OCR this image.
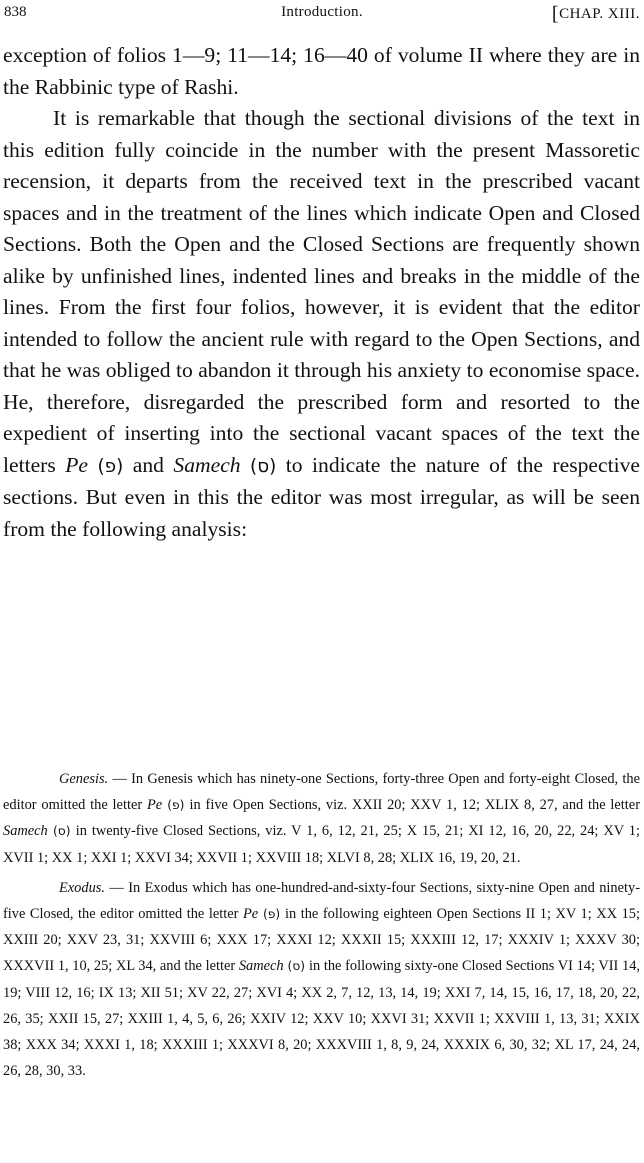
838	Introduction.	[CHAP. XIII.

exception of folios 1—9; 11—14; 16—40 of volume II where they are in the Rabbinic type of Rashi.

It is remarkable that though the sectional divisions of the text in this edition fully coincide in the number with the present Massoretic recension, it departs from the received text in the prescribed vacant spaces and in the treatment of the lines which indicate Open and Closed Sections. Both the Open and the Closed Sections are frequently shown alike by unfinished lines, indented lines and breaks in the middle of the lines. From the first four folios, however, it is evident that the editor intended to follow the ancient rule with regard to the Open Sections, and that he was obliged to abandon it through his anxiety to economise space. He, therefore, disregarded the prescribed form and resorted to the expedient of inserting into the sectional vacant spaces of the text the letters Pe (פ) and Samech (ס) to indicate the nature of the respective sections. But even in this the editor was most irregular, as will be seen from the following analysis:

Genesis. — In Genesis which has ninety-one Sections, forty-three Open and forty-eight Closed, the editor omitted the letter Pe (פ) in five Open Sections, viz. XXII 20; XXV 1, 12; XLIX 8, 27, and the letter Samech (ס) in twenty-five Closed Sections, viz. V 1, 6, 12, 21, 25; X 15, 21; XI 12, 16, 20, 22, 24; XV 1; XVII 1; XX 1; XXI 1; XXVI 34; XXVII 1; XXVIII 18; XLVI 8, 28; XLIX 16, 19, 20, 21.

Exodus. — In Exodus which has one-hundred-and-sixty-four Sections, sixty-nine Open and ninety-five Closed, the editor omitted the letter Pe (פ) in the following eighteen Open Sections II 1; XV 1; XX 15; XXIII 20; XXV 23, 31; XXVIII 6; XXX 17; XXXI 12; XXXII 15; XXXIII 12, 17; XXXIV 1; XXXV 30; XXXVII 1, 10, 25; XL 34, and the letter Samech (ס) in the following sixty-one Closed Sections VI 14; VII 14, 19; VIII 12, 16; IX 13; XII 51; XV 22, 27; XVI 4; XX 2, 7, 12, 13, 14, 19; XXI 7, 14, 15, 16, 17, 18, 20, 22, 26, 35; XXII 15, 27; XXIII 1, 4, 5, 6, 26; XXIV 12; XXV 10; XXVI 31; XXVII 1; XXVIII 1, 13, 31; XXIX 38; XXX 34; XXXI 1, 18; XXXIII 1; XXXVI 8, 20; XXXVIII 1, 8, 9, 24, XXXIX 6, 30, 32; XL 17, 24, 24, 26, 28, 30, 33.
